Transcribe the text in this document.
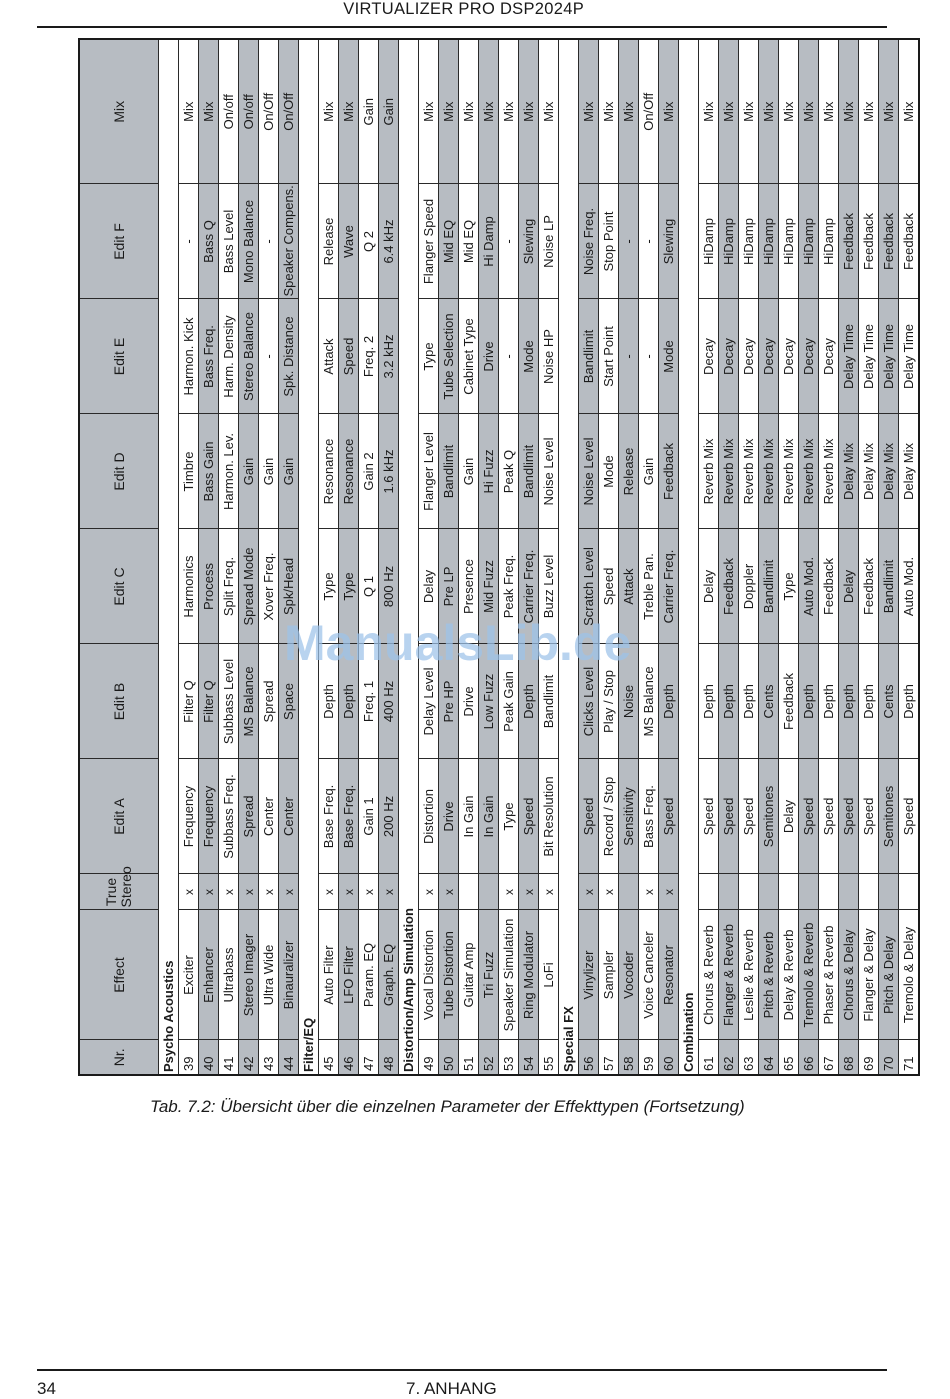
VIRTUALIZER PRO DSP2024P
Nr.	Effect	True Stereo	Edit A	Edit B	Edit C	Edit D	Edit E	Edit F	Mix
Psycho Acoustics									
39	Exciter	x	Frequency	Filter Q	Harmonics	Timbre	Harmon. Kick	-	Mix
40	Enhancer	x	Frequency	Filter Q	Process	Bass Gain	Bass Freq.	Bass Q	Mix
41	Ultrabass	x	Subbass Freq.	Subbass Level	Split Freq.	Harmon. Lev.	Harm. Density	Bass Level	On/off
42	Stereo Imager	x	Spread	MS Balance	Spread Mode	Gain	Stereo Balance	Mono Balance	On/off
43	Ultra Wide	x	Center	Spread	Xover Freq.	Gain	-	-	On/Off
44	Binauralizer	x	Center	Space	Spk/Head	Gain	Spk. Distance	Speaker Compens.	On/Off
Filter/EQ									
45	Auto Filter	x	Base Freq.	Depth	Type	Resonance	Attack	Release	Mix
46	LFO Filter	x	Base Freq.	Depth	Type	Resonance	Speed	Wave	Mix
47	Param. EQ	x	Gain 1	Freq. 1	Q 1	Gain 2	Freq. 2	Q 2	Gain
48	Graph. EQ	x	200 Hz	400 Hz	800 Hz	1.6 kHz	3.2 kHz	6.4 kHz	Gain
Distortion/Amp Simulation									
49	Vocal Distortion	x	Distortion	Delay Level	Delay	Flanger Level	Type	Flanger Speed	Mix
50	Tube Distortion	x	Drive	Pre HP	Pre LP	Bandlimit	Tube Selection	Mid EQ	Mix
51	Guitar Amp		In Gain	Drive	Presence	Gain	Cabinet Type	Mid EQ	Mix
52	Tri Fuzz		In Gain	Low Fuzz	Mid Fuzz	Hi Fuzz	Drive	Hi Damp	Mix
53	Speaker Simulation	x	Type	Peak Gain	Peak Freq.	Peak Q	-	-	Mix
54	Ring Modulator	x	Speed	Depth	Carrier Freq.	Bandlimit	Mode	Slewing	Mix
55	LoFi	x	Bit Resolution	Bandlimit	Buzz Level	Noise Level	Noise HP	Noise LP	Mix
Special FX									
56	Vinylizer	x	Speed	Clicks Level	Scratch Level	Noise Level	Bandlimit	Noise Freq.	Mix
57	Sampler	x	Record / Stop	Play / Stop	Speed	Mode	Start Point	Stop Point	Mix
58	Vocoder		Sensitivity	Noise	Attack	Release	-	-	Mix
59	Voice Canceler	x	Bass Freq.	MS Balance	Treble Pan.	Gain	-	-	On/Off
60	Resonator	x	Speed	Depth	Carrier Freq.	Feedback	Mode	Slewing	Mix
Combination									
61	Chorus & Reverb		Speed	Depth	Delay	Reverb Mix	Decay	HiDamp	Mix
62	Flanger & Reverb		Speed	Depth	Feedback	Reverb Mix	Decay	HiDamp	Mix
63	Leslie & Reverb		Speed	Depth	Doppler	Reverb Mix	Decay	HiDamp	Mix
64	Pitch & Reverb		Semitones	Cents	Bandlimit	Reverb Mix	Decay	HiDamp	Mix
65	Delay & Reverb		Delay	Feedback	Type	Reverb Mix	Decay	HiDamp	Mix
66	Tremolo & Reverb		Speed	Depth	Auto Mod.	Reverb Mix	Decay	HiDamp	Mix
67	Phaser & Reverb		Speed	Depth	Feedback	Reverb Mix	Decay	HiDamp	Mix
68	Chorus & Delay		Speed	Depth	Delay	Delay Mix	Delay Time	Feedback	Mix
69	Flanger & Delay		Speed	Depth	Feedback	Delay Mix	Delay Time	Feedback	Mix
70	Pitch & Delay		Semitones	Cents	Bandlimit	Delay Mix	Delay Time	Feedback	Mix
71	Tremolo & Delay		Speed	Depth	Auto Mod.	Delay Mix	Delay Time	Feedback	Mix
ManualsLib.de
Tab. 7.2: Übersicht über die einzelnen Parameter der Effekttypen (Fortsetzung)
34	7. ANHANG
